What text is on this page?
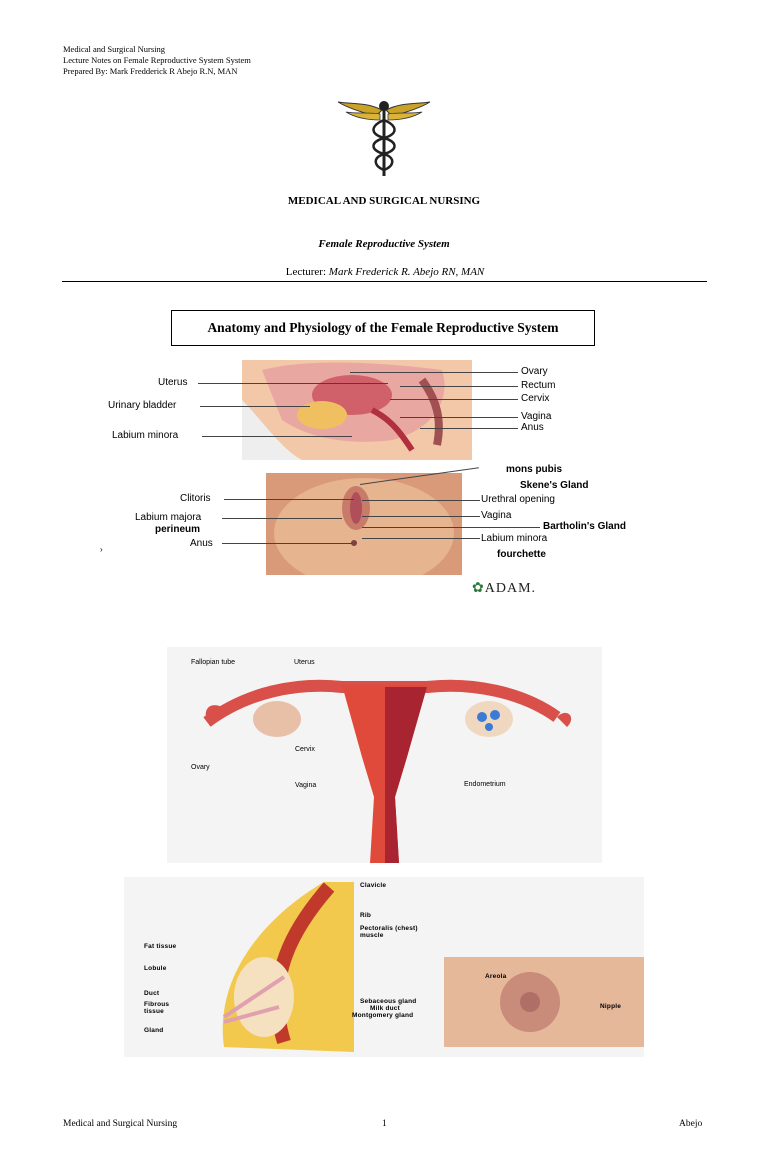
Medical and Surgical Nursing
Lecture Notes on Female Reproductive System System
Prepared By: Mark Fredderick R Abejo R.N, MAN
MEDICAL AND SURGICAL NURSING
Female Reproductive System
Lecturer: Mark Frederick R. Abejo RN, MAN
Anatomy and Physiology of the Female Reproductive System
Uterus
Urinary bladder
Labium minora
Ovary
Rectum
Cervix
Vagina
Anus
Clitoris
Labium majora
perineum
Anus
mons pubis
Skene's Gland
Urethral opening
Vagina
Bartholin's Gland
Labium minora
fourchette
›
✿ADAM.
Fallopian tube	Uterus
Ovary
Cervix
Vagina	Endometrium
Clavicle
Rib
Pectoralis (chest) muscle
Fat tissue
Lobule
Duct
Fibrous tissue
Gland
Areola
Sebaceous gland
Milk duct
Montgomery gland
Nipple
Medical and Surgical Nursing	1	Abejo
